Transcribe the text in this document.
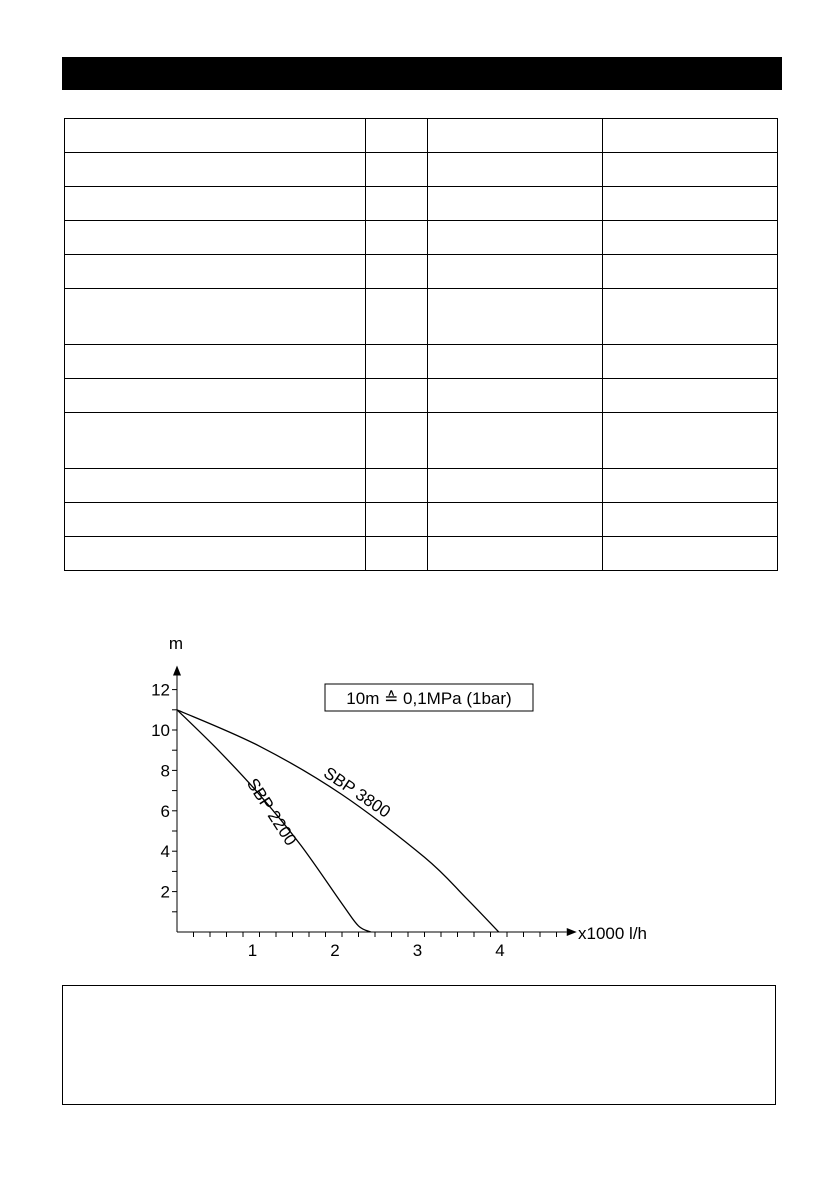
1	2	3	4
2
4
6
8
10
12
SBP 2200 SBP 3800
10m ≙ 0,1MPa (1bar)
m
x1000 l/h
